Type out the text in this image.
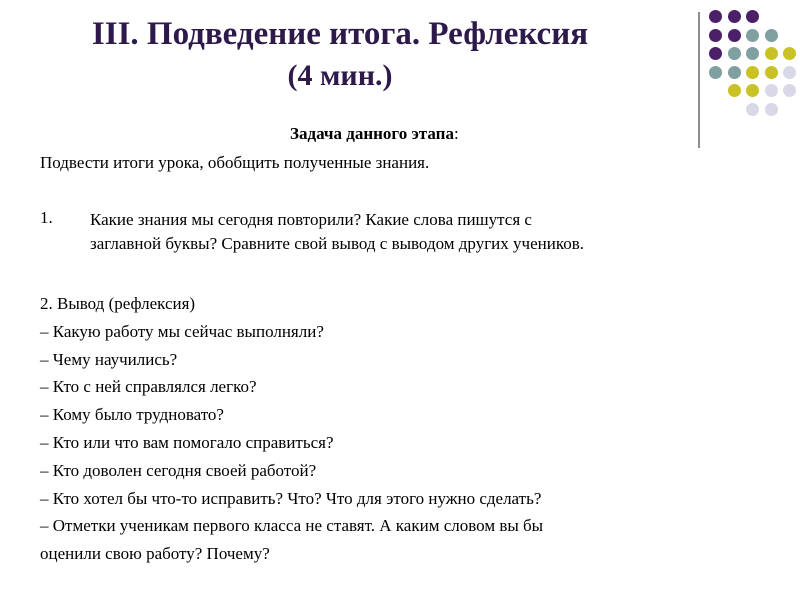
III. Подведение итога. Рефлексия
(4 мин.)
Задача данного этапа:
Подвести итоги урока, обобщить полученные знания.
1. Какие знания мы сегодня повторили? Какие слова пишутся с
заглавной буквы? Сравните свой вывод с выводом других учеников.
2. Вывод (рефлексия)
– Какую работу мы сейчас выполняли?
– Чему научились?
– Кто с ней справлялся легко?
– Кому было трудновато?
– Кто или что вам помогало справиться?
– Кто доволен сегодня своей работой?
– Кто хотел бы что-то исправить? Что? Что для этого нужно сделать?
– Отметки ученикам первого класса не ставят. А каким словом вы бы
оценили свою работу? Почему?
